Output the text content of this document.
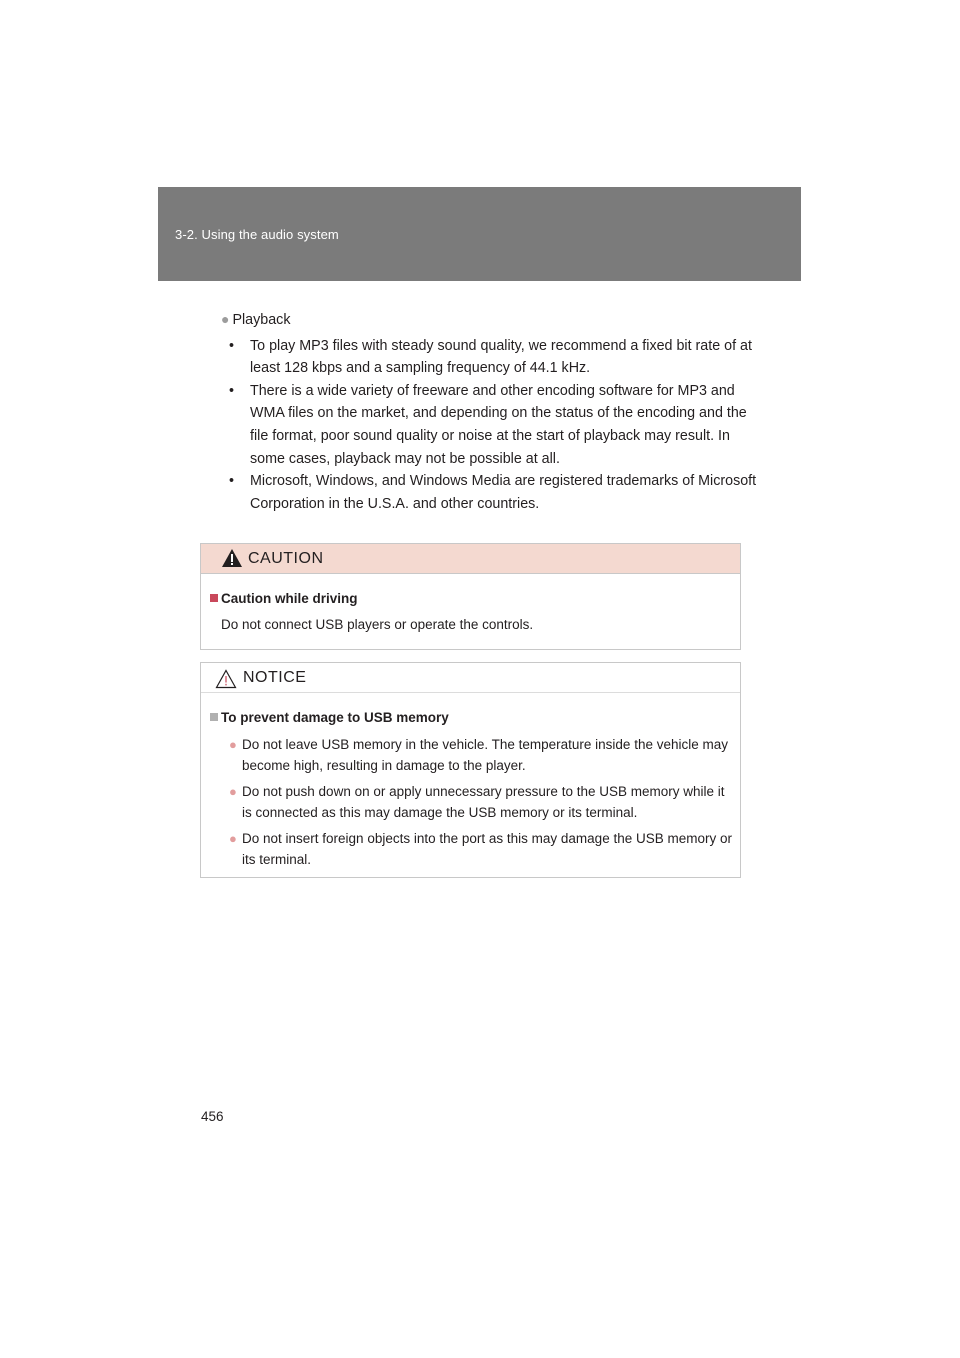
3-2. Using the audio system
● Playback
• To play MP3 files with steady sound quality, we recommend a fixed bit rate of at least 128 kbps and a sampling frequency of 44.1 kHz.
• There is a wide variety of freeware and other encoding software for MP3 and WMA files on the market, and depending on the status of the encoding and the file format, poor sound quality or noise at the start of playback may result. In some cases, playback may not be possible at all.
• Microsoft, Windows, and Windows Media are registered trademarks of Microsoft Corporation in the U.S.A. and other countries.
CAUTION
Caution while driving
Do not connect USB players or operate the controls.
NOTICE
To prevent damage to USB memory
● Do not leave USB memory in the vehicle. The temperature inside the vehicle may become high, resulting in damage to the player.
● Do not push down on or apply unnecessary pressure to the USB memory while it is connected as this may damage the USB memory or its terminal.
● Do not insert foreign objects into the port as this may damage the USB memory or its terminal.
456
